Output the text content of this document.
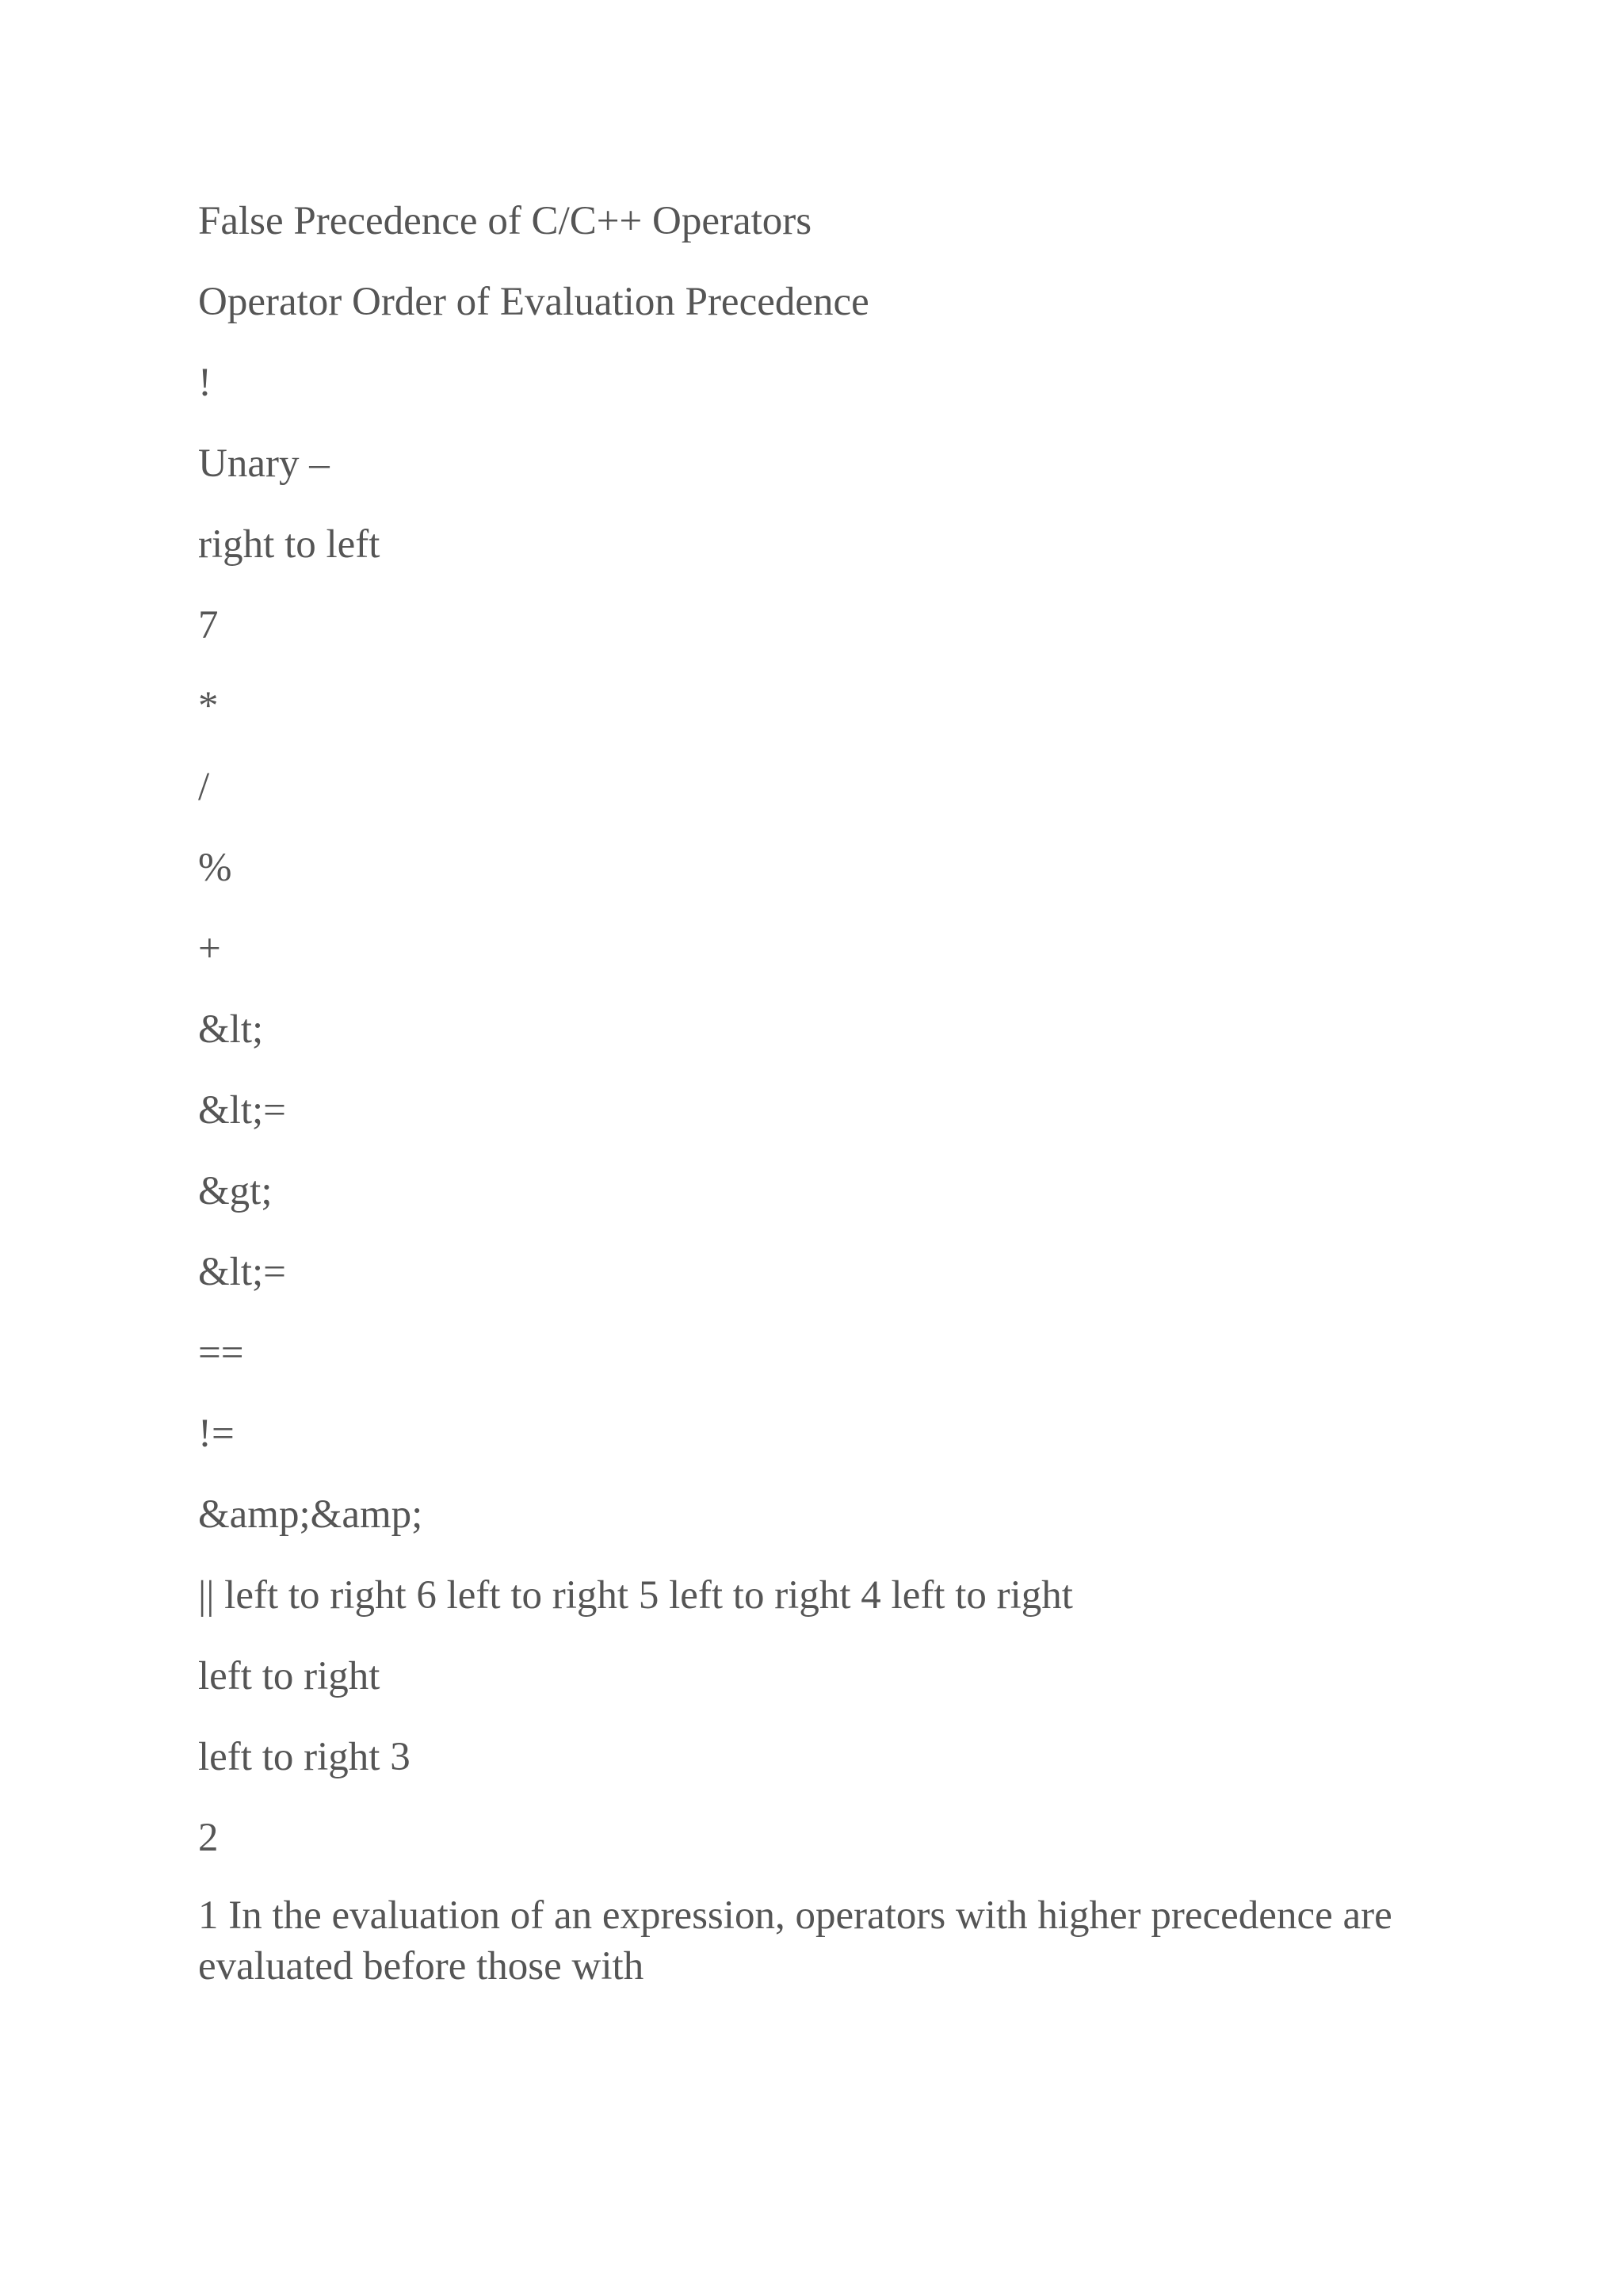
False Precedence of C/C++ Operators
Operator Order of Evaluation Precedence
!
Unary –
right to left
7
*
/
%
+
&lt;
&lt;=
&gt;
&lt;=
==
!=
&amp;&amp;
|| left to right 6 left to right 5 left to right 4 left to right
left to right
left to right 3
2
1 In the evaluation of an expression, operators with higher precedence are evaluated before those with
